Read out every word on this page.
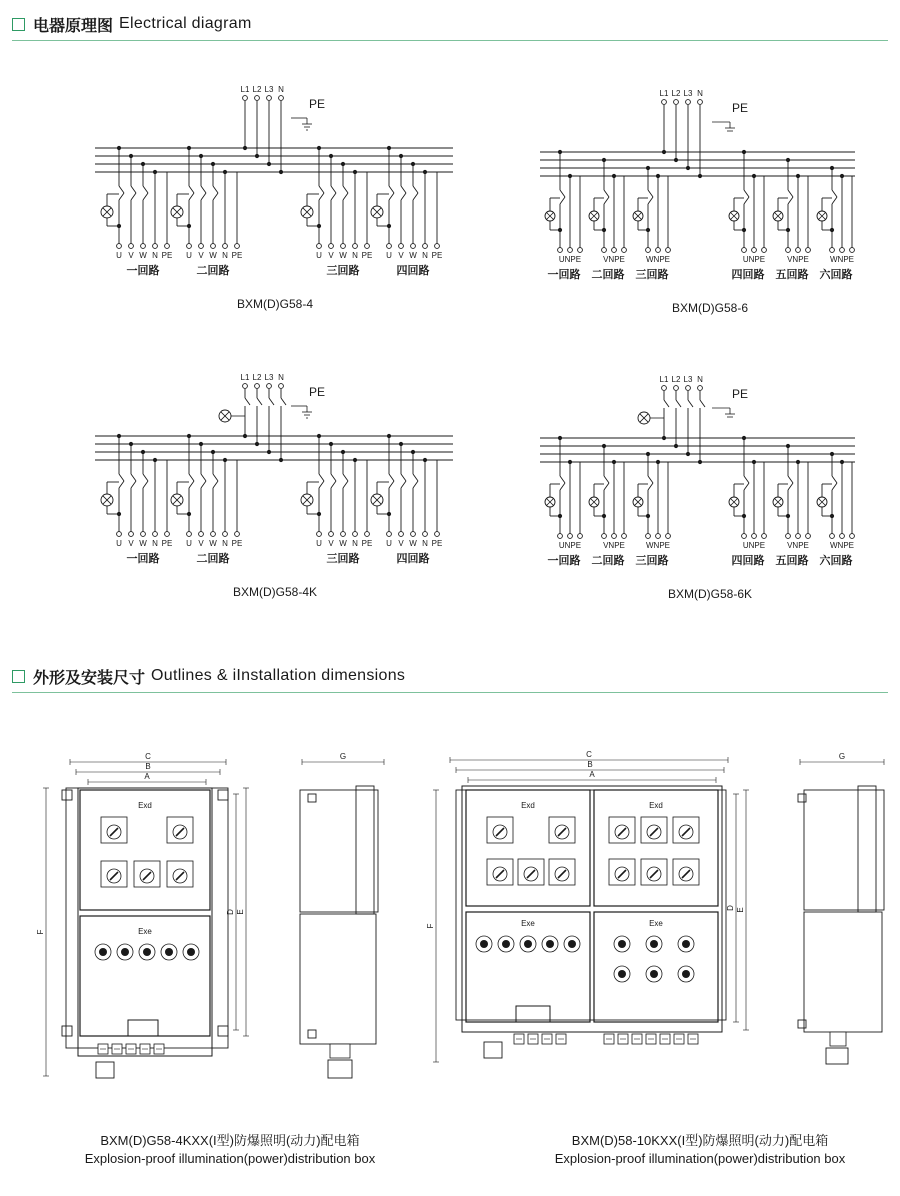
电器原理图 Electrical diagram
外形及安装尺寸 Outlines & iInstallation dimensions
L1 L2 L3 N
PE
U V W N PE
一回路
U V W N PE
二回路
U V W N PE
三回路
U V W N PE
四回路
BXM(D)G58-4
L1 L2 L3 N
PE
UNPE
一回路
VNPE
二回路
WNPE
三回路
UNPE
四回路
VNPE
五回路
WNPE
六回路
BXM(D)G58-6
L1 L2 L3 N
PE
U V W N PE
一回路
U V W N PE
二回路
U V W N PE
三回路
U V W N PE
四回路
BXM(D)G58-4K
L1 L2 L3 N
PE
UNPE
一回路
VNPE
二回路
WNPE
三回路
UNPE
四回路
VNPE
五回路
WNPE
六回路
BXM(D)G58-6K
Exd
Exe
C
B
A
F
D E
G
Exd	Exd
Exe	Exe
C
B
A
F
D E
G
BXM(D)G58-4KXX(I型)防爆照明(动力)配电箱
Explosion-proof illumination(power)distribution box
BXM(D)58-10KXX(I型)防爆照明(动力)配电箱
Explosion-proof illumination(power)distribution box
